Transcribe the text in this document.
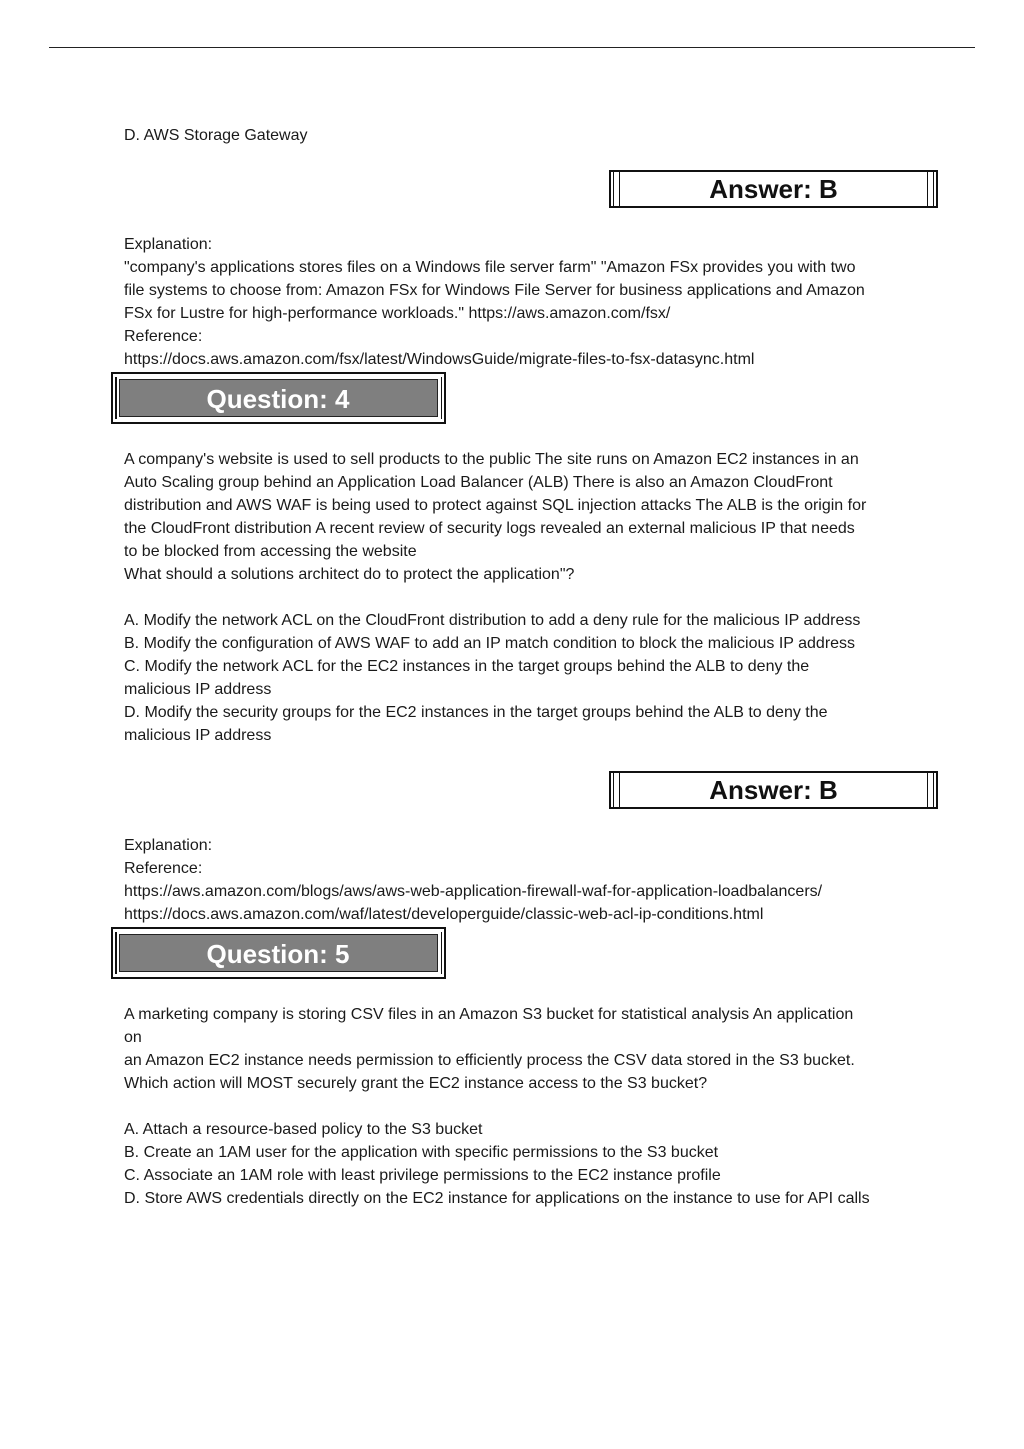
D. AWS Storage Gateway
Answer: B
Explanation:
"company's applications stores files on a Windows file server farm" "Amazon FSx provides you with two
file systems to choose from: Amazon FSx for Windows File Server for business applications and Amazon
FSx for Lustre for high-performance workloads." https://aws.amazon.com/fsx/
Reference:
https://docs.aws.amazon.com/fsx/latest/WindowsGuide/migrate-files-to-fsx-datasync.html
Question: 4
A company's website is used to sell products to the public The site runs on Amazon EC2 instances in an
Auto Scaling group behind an Application Load Balancer (ALB) There is also an Amazon CloudFront
distribution and AWS WAF is being used to protect against SQL injection attacks The ALB is the origin for
the CloudFront distribution A recent review of security logs revealed an external malicious IP that needs
to be blocked from accessing the website
What should a solutions architect do to protect the application"?
A. Modify the network ACL on the CloudFront distribution to add a deny rule for the malicious IP address
B. Modify the configuration of AWS WAF to add an IP match condition to block the malicious IP address
C. Modify the network ACL for the EC2 instances in the target groups behind the ALB to deny the
malicious IP address
D. Modify the security groups for the EC2 instances in the target groups behind the ALB to deny the
malicious IP address
Answer: B
Explanation:
Reference:
https://aws.amazon.com/blogs/aws/aws-web-application-firewall-waf-for-application-loadbalancers/
https://docs.aws.amazon.com/waf/latest/developerguide/classic-web-acl-ip-conditions.html
Question: 5
A marketing company is storing CSV files in an Amazon S3 bucket for statistical analysis An application
on
an Amazon EC2 instance needs permission to efficiently process the CSV data stored in the S3 bucket.
Which action will MOST securely grant the EC2 instance access to the S3 bucket?
A. Attach a resource-based policy to the S3 bucket
B. Create an 1AM user for the application with specific permissions to the S3 bucket
C. Associate an 1AM role with least privilege permissions to the EC2 instance profile
D. Store AWS credentials directly on the EC2 instance for applications on the instance to use for API calls
